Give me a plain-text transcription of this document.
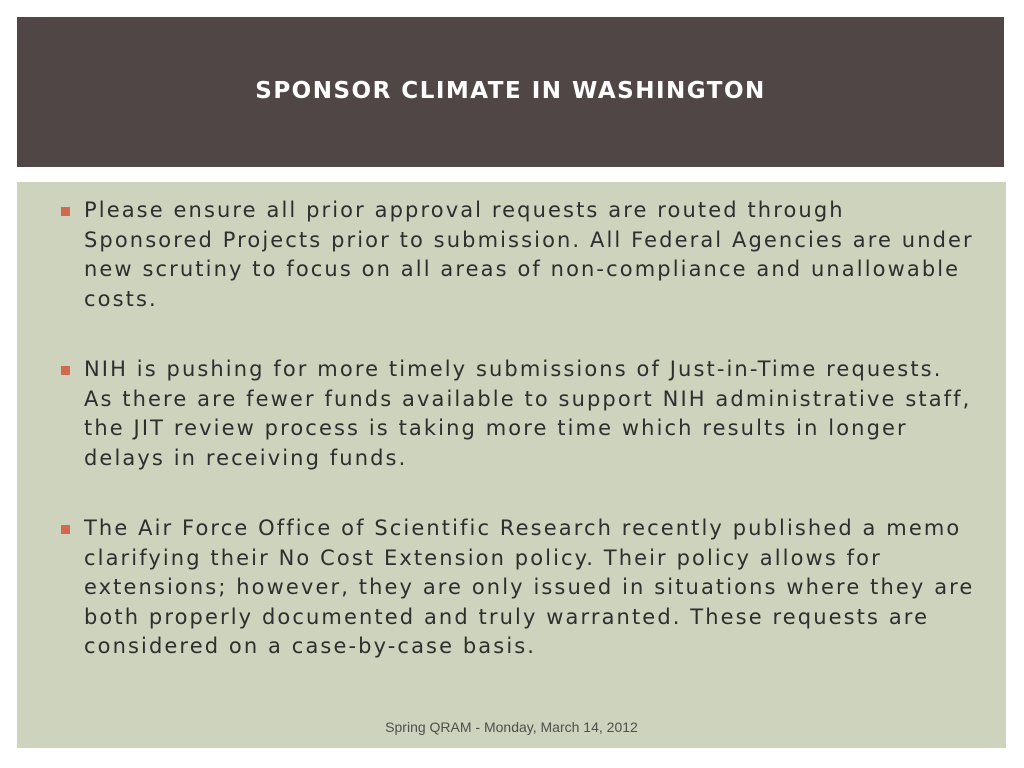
SPONSOR CLIMATE IN WASHINGTON
Please ensure all prior approval requests are routed through Sponsored Projects prior to submission. All Federal Agencies are under new scrutiny to focus on all areas of non-compliance and unallowable costs.
NIH is pushing for more timely submissions of Just-in-Time requests. As there are fewer funds available to support NIH administrative staff, the JIT review process is taking more time which results in longer delays in receiving funds.
The Air Force Office of Scientific Research recently published a memo clarifying their No Cost Extension policy. Their policy allows for extensions; however, they are only issued in situations where they are both properly documented and truly warranted. These requests are considered on a case-by-case basis.
Spring QRAM - Monday, March 14, 2012
